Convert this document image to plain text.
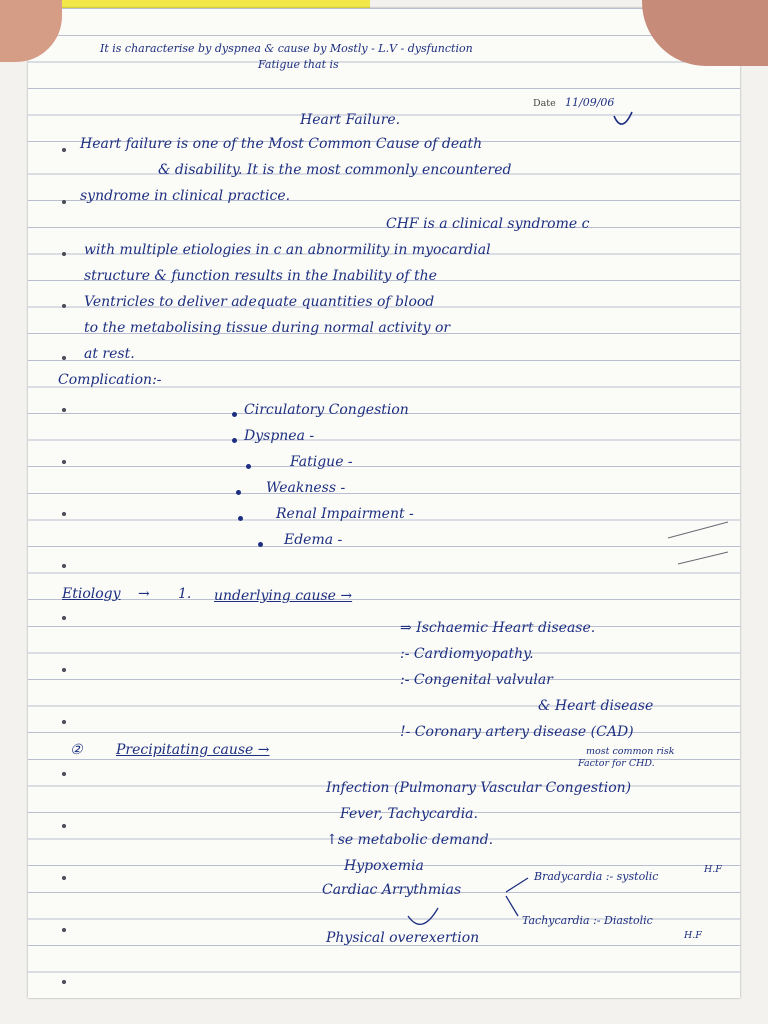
It is characterise by dyspnea & cause by Mostly - L.V - dysfunction
Fatigue that is
Date 11/09/06
Heart Failure.
Heart failure is one of the Most Common Cause of death
& disability. It is the most commonly encountered
syndrome in clinical practice.
CHF is a clinical syndrome c
with multiple etiologies in c an abnormility in myocardial
structure & function results in the Inability of the
Ventricles to deliver adequate quantities of blood
to the metabolising tissue during normal activity or
at rest.
Complication:-
Circulatory Congestion
Dyspnea -
Fatigue -
Weakness -
Renal Impairment -
Edema -
Etiology → 1. underlying cause →
⇒ Ischaemic Heart disease.
:- Cardiomyopathy.
:- Congenital valvular
& Heart disease
!- Coronary artery disease (CAD)
most common risk
Factor for CHD.
② Precipitating cause →
Infection (Pulmonary Vascular Congestion)
Fever, Tachycardia.
↑se metabolic demand.
Hypoxemia
Cardiac Arrythmias
Bradycardia :- systolic
H.F
Tachycardia :- Diastolic
H.F
Physical overexertion
